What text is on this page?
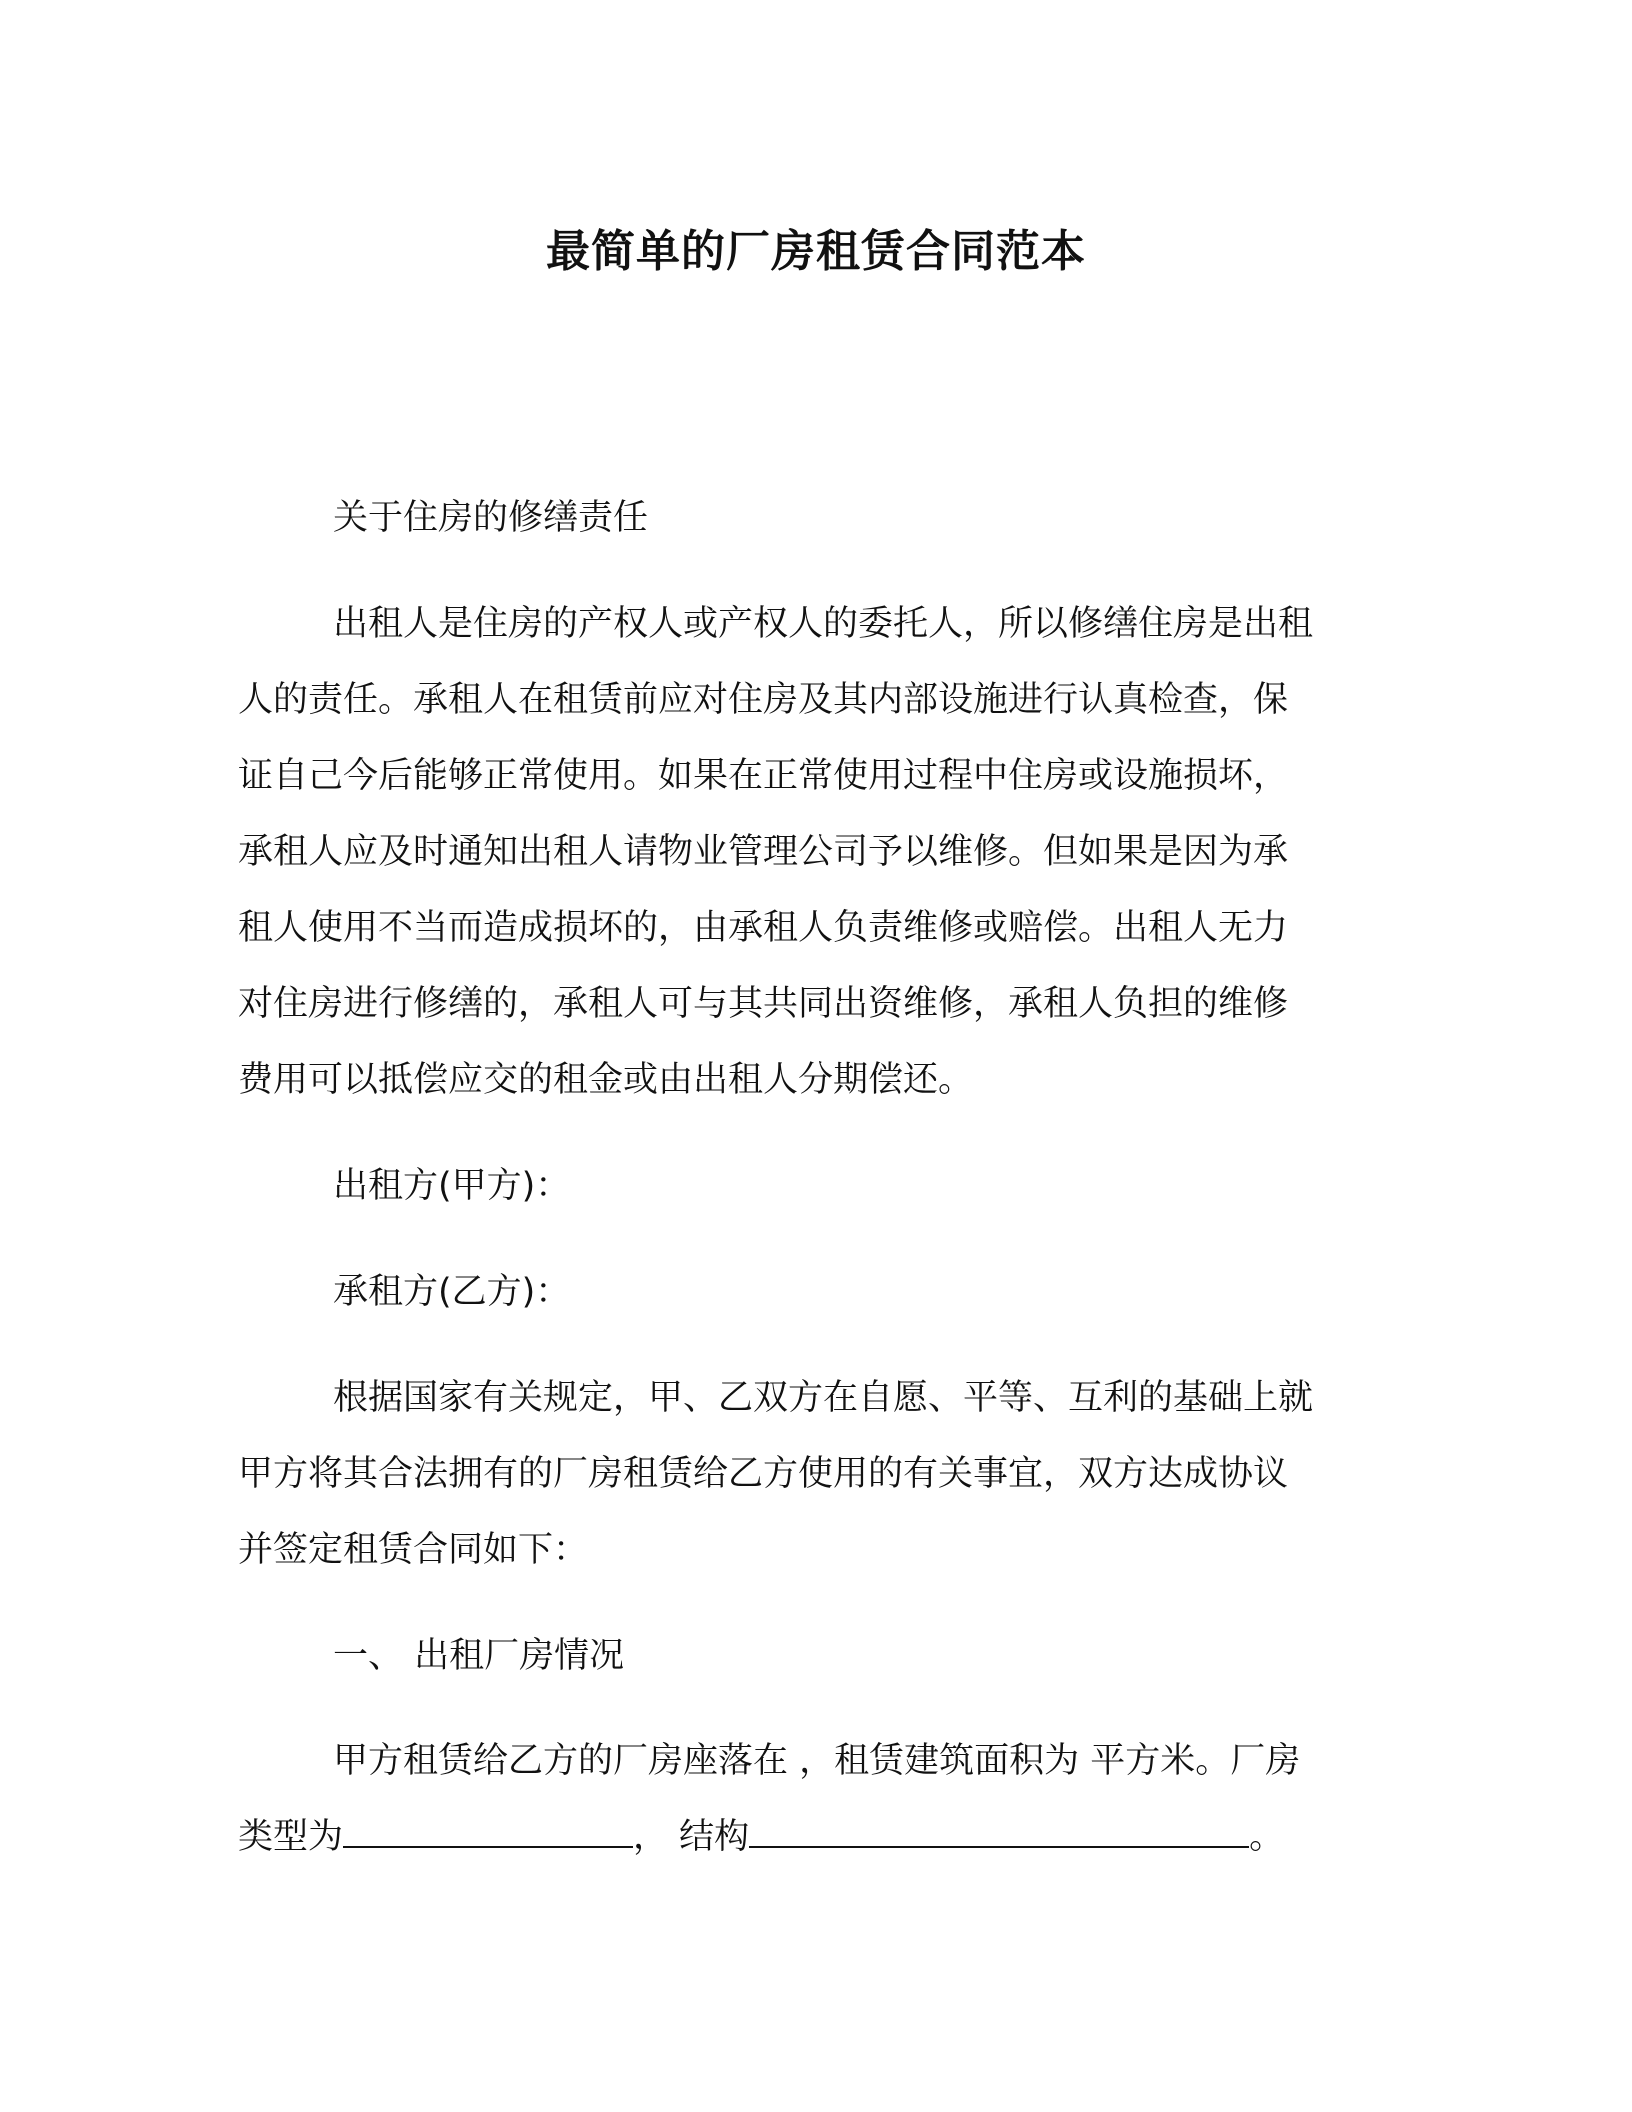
最简单的厂房租赁合同范本
关于住房的修缮责任
出租人是住房的产权人或产权人的委托人，所以修缮住房是出租
人的责任。承租人在租赁前应对住房及其内部设施进行认真检查，保
证自己今后能够正常使用。如果在正常使用过程中住房或设施损坏，
承租人应及时通知出租人请物业管理公司予以维修。但如果是因为承
租人使用不当而造成损坏的，由承租人负责维修或赔偿。出租人无力
对住房进行修缮的，承租人可与其共同出资维修，承租人负担的维修
费用可以抵偿应交的租金或由出租人分期偿还。
出租方(甲方)：
承租方(乙方)：
根据国家有关规定，甲、乙双方在自愿、平等、互利的基础上就
甲方将其合法拥有的厂房租赁给乙方使用的有关事宜，双方达成协议
并签定租赁合同如下：
一、 出租厂房情况
甲方租赁给乙方的厂房座落在 ，租赁建筑面积为 平方米。厂房
类型为	， 结构	。
